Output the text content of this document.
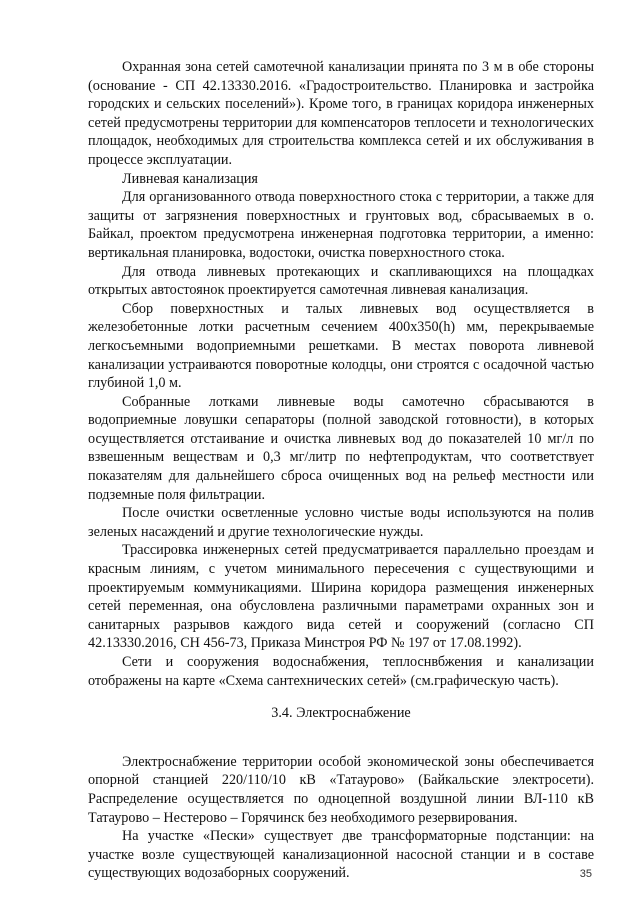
Охранная зона сетей самотечной канализации принята по 3 м в обе стороны (основание - СП 42.13330.2016. «Градостроительство. Планировка и застройка городских и сельских поселений»). Кроме того, в границах коридора инженерных сетей предусмотрены территории для компенсаторов теплосети и технологических площадок, необходимых для строительства комплекса сетей и их обслуживания в процессе эксплуатации.

Ливневая канализация

Для организованного отвода поверхностного стока с территории, а также для защиты от загрязнения поверхностных и грунтовых вод, сбрасываемых в о. Байкал, проектом предусмотрена инженерная подготовка территории, а именно: вертикальная планировка, водостоки, очистка поверхностного стока.

Для отвода ливневых протекающих и скапливающихся на площадках открытых автостоянок проектируется самотечная ливневая канализация.

Сбор поверхностных и талых ливневых вод осуществляется в железобетонные лотки расчетным сечением 400х350(h) мм, перекрываемые легкосъемными водоприемными решетками. В местах поворота ливневой канализации устраиваются поворотные колодцы, они строятся с осадочной частью глубиной 1,0 м.

Собранные лотками ливневые воды самотечно сбрасываются в водоприемные ловушки сепараторы (полной заводской готовности), в которых осуществляется отстаивание и очистка ливневых вод до показателей 10 мг/л по взвешенным веществам и 0,3 мг/литр по нефтепродуктам, что соответствует показателям для дальнейшего сброса очищенных вод на рельеф местности или подземные поля фильтрации.

После очистки осветленные условно чистые воды используются на полив зеленых насаждений и другие технологические нужды.

Трассировка инженерных сетей предусматривается параллельно проездам и красным линиям, с учетом минимального пересечения с существующими и проектируемым коммуникациями. Ширина коридора размещения инженерных сетей переменная, она обусловлена различными параметрами охранных зон и санитарных разрывов каждого вида сетей и сооружений (согласно СП 42.13330.2016, СН 456-73, Приказа Минстроя РФ № 197 от 17.08.1992).

Сети и сооружения водоснабжения, теплоснвбжения и канализации отображены на карте «Схема сантехнических сетей» (см.графическую часть).

3.4. Электроснабжение

Электроснабжение территории особой экономической зоны обеспечивается опорной станцией 220/110/10 кВ «Татаурово» (Байкальские электросети). Распределение осуществляется по одноцепной воздушной линии ВЛ-110 кВ Татаурово – Нестерово – Горячинск без необходимого резервирования.

На участке «Пески» существует две трансформаторные подстанции: на участке возле существующей канализационной насосной станции и в составе существующих водозаборных сооружений.	35
